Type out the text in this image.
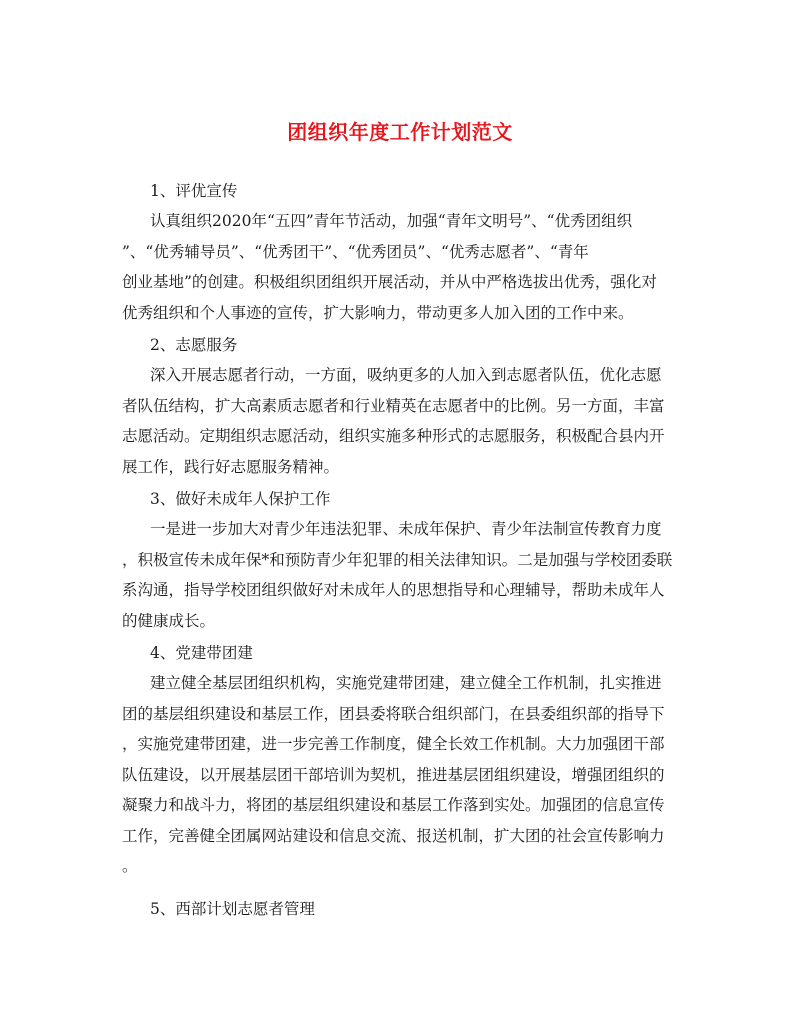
团组织年度工作计划范文
1、评优宣传
认真组织2020年“五四”青年节活动，加强“青年文明号”、“优秀团组织
”、“优秀辅导员”、“优秀团干”、“优秀团员”、“优秀志愿者”、“青年
创业基地”的创建。积极组织团组织开展活动，并从中严格选拔出优秀，强化对
优秀组织和个人事迹的宣传，扩大影响力，带动更多人加入团的工作中来。
2、志愿服务
深入开展志愿者行动，一方面，吸纳更多的人加入到志愿者队伍，优化志愿
者队伍结构，扩大高素质志愿者和行业精英在志愿者中的比例。另一方面，丰富
志愿活动。定期组织志愿活动，组织实施多种形式的志愿服务，积极配合县内开
展工作，践行好志愿服务精神。
3、做好未成年人保护工作
一是进一步加大对青少年违法犯罪、未成年保护、青少年法制宣传教育力度
，积极宣传未成年保*和预防青少年犯罪的相关法律知识。二是加强与学校团委联
系沟通，指导学校团组织做好对未成年人的思想指导和心理辅导，帮助未成年人
的健康成长。
4、党建带团建
建立健全基层团组织机构，实施党建带团建，建立健全工作机制，扎实推进
团的基层组织建设和基层工作，团县委将联合组织部门，在县委组织部的指导下
，实施党建带团建，进一步完善工作制度，健全长效工作机制。大力加强团干部
队伍建设，以开展基层团干部培训为契机，推进基层团组织建设，增强团组织的
凝聚力和战斗力，将团的基层组织建设和基层工作落到实处。加强团的信息宣传
工作，完善健全团属网站建设和信息交流、报送机制，扩大团的社会宣传影响力
。
5、西部计划志愿者管理
